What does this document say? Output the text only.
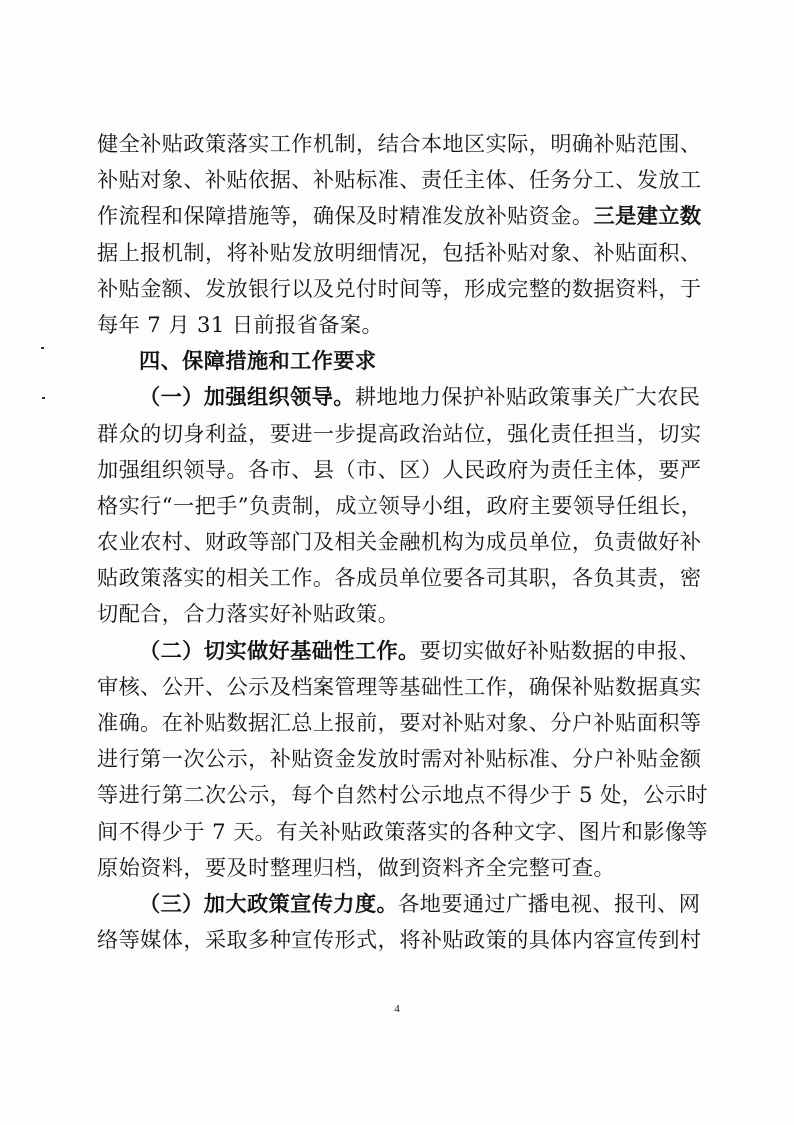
健全补贴政策落实工作机制，结合本地区实际，明确补贴范围、
补贴对象、补贴依据、补贴标准、责任主体、任务分工、发放工
作流程和保障措施等，确保及时精准发放补贴资金。三是建立数
据上报机制，将补贴发放明细情况，包括补贴对象、补贴面积、
补贴金额、发放银行以及兑付时间等，形成完整的数据资料，于
每年 7 月 31 日前报省备案。
四、保障措施和工作要求
（一）加强组织领导。耕地地力保护补贴政策事关广大农民
群众的切身利益，要进一步提高政治站位，强化责任担当，切实
加强组织领导。各市、县（市、区）人民政府为责任主体，要严
格实行“一把手”负责制，成立领导小组，政府主要领导任组长，
农业农村、财政等部门及相关金融机构为成员单位，负责做好补
贴政策落实的相关工作。各成员单位要各司其职，各负其责，密
切配合，合力落实好补贴政策。
（二）切实做好基础性工作。要切实做好补贴数据的申报、
审核、公开、公示及档案管理等基础性工作，确保补贴数据真实
准确。在补贴数据汇总上报前，要对补贴对象、分户补贴面积等
进行第一次公示，补贴资金发放时需对补贴标准、分户补贴金额
等进行第二次公示，每个自然村公示地点不得少于 5 处，公示时
间不得少于 7 天。有关补贴政策落实的各种文字、图片和影像等
原始资料，要及时整理归档，做到资料齐全完整可查。
（三）加大政策宣传力度。各地要通过广播电视、报刊、网
络等媒体，采取多种宣传形式，将补贴政策的具体内容宣传到村
4
